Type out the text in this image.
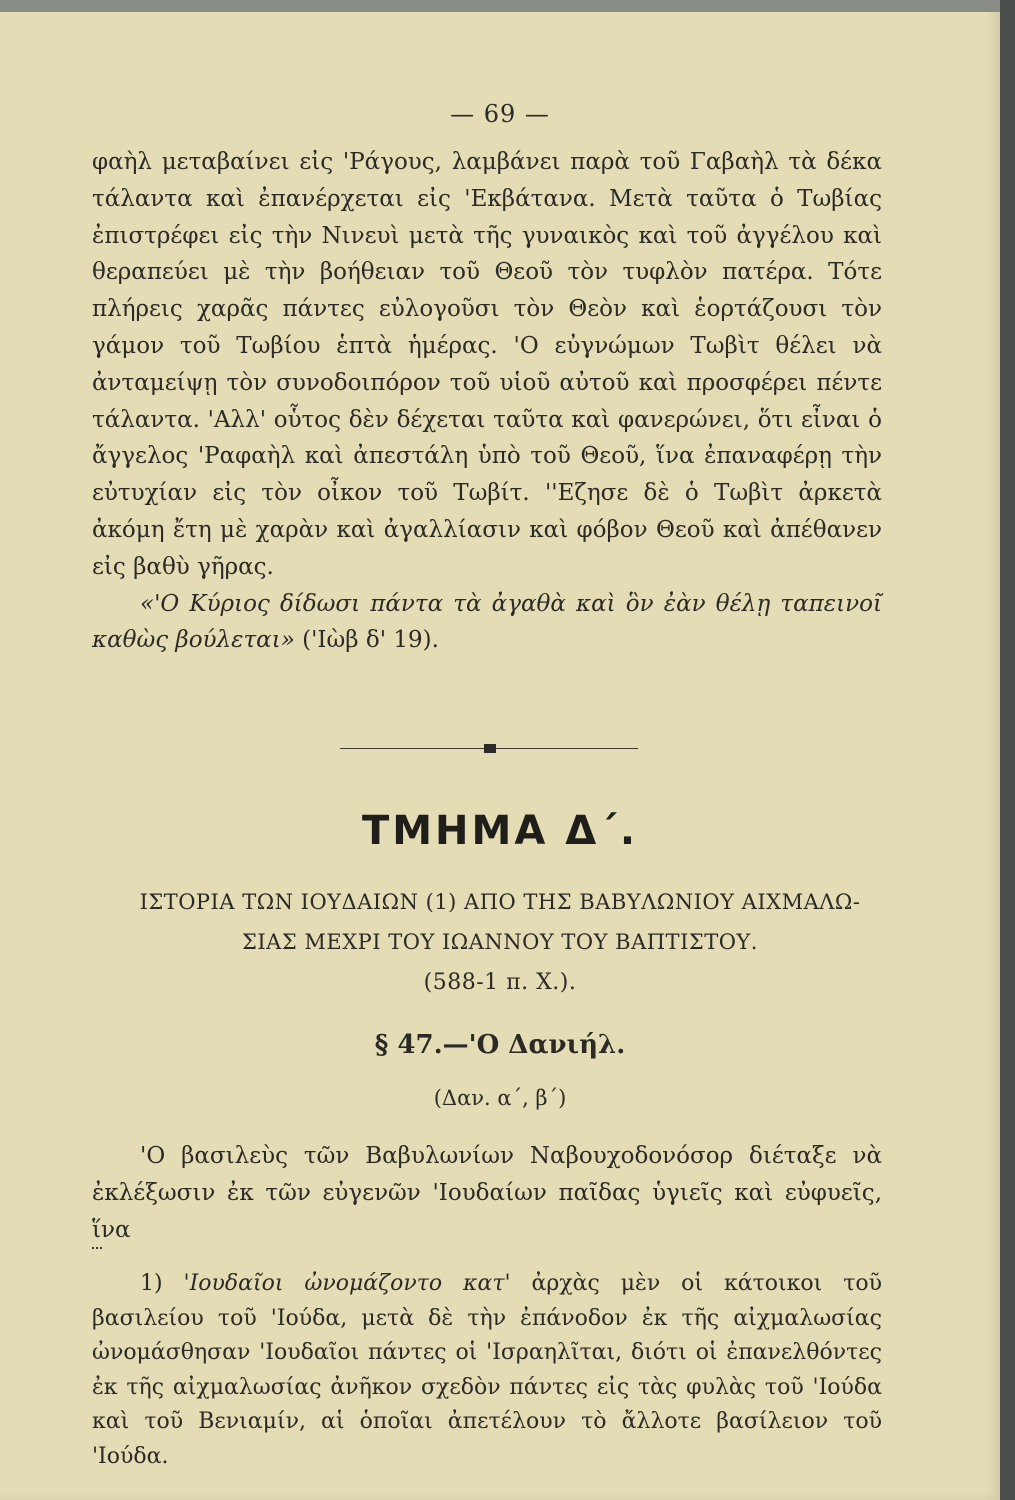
— 69 —

φαὴλ μεταβαίνει εἰς 'Ράγους, λαμβάνει παρὰ τοῦ Γαβαὴλ τὰ δέκα τάλαντα καὶ ἐπανέρχεται εἰς 'Εκβάτανα. Μετὰ ταῦτα ὁ Τωβίας ἐπιστρέφει εἰς τὴν Νινευὶ μετὰ τῆς γυναικὸς καὶ τοῦ ἀγγέλου καὶ θεραπεύει μὲ τὴν βοήθειαν τοῦ Θεοῦ τὸν τυφλὸν πατέρα. Τότε πλήρεις χαρᾶς πάντες εὐλογοῦσι τὸν Θεὸν καὶ ἑορτάζουσι τὸν γάμον τοῦ Τωβίου ἑπτὰ ἡμέρας. 'Ο εὐγνώμων Τωβὶτ θέλει νὰ ἀνταμείψῃ τὸν συνοδοιπόρον τοῦ υἱοῦ αὐτοῦ καὶ προσφέρει πέντε τάλαντα. 'Αλλ' οὗτος δὲν δέχεται ταῦτα καὶ φανερώνει, ὅτι εἶναι ὁ ἄγγελος 'Ραφαὴλ καὶ ἀπεστάλη ὑπὸ τοῦ Θεοῦ, ἵνα ἐπαναφέρῃ τὴν εὐτυχίαν εἰς τὸν οἶκον τοῦ Τωβίτ. ''Εζησε δὲ ὁ Τωβὶτ ἀρκετὰ ἀκόμη ἔτη μὲ χαρὰν καὶ ἀγαλλίασιν καὶ φόβον Θεοῦ καὶ ἀπέθανεν εἰς βαθὺ γῆρας.

«'Ο Κύριος δίδωσι πάντα τὰ ἀγαθὰ καὶ ὃν ἐὰν θέλῃ ταπεινοῖ καθὼς βούλεται» ('Ιὼβ δ' 19).

ΤΜΗΜΑ Δ΄.
ΙΣΤΟΡΙΑ ΤΩΝ ΙΟΥΔΑΙΩΝ (1) ΑΠΟ ΤΗΣ ΒΑΒΥΛΩΝΙΟΥ ΑΙΧΜΑΛΩ-
ΣΙΑΣ ΜΕΧΡΙ ΤΟΥ ΙΩΑΝΝΟΥ ΤΟΥ ΒΑΠΤΙΣΤΟΥ.
(588-1 π. Χ.).
§ 47.—'Ο Δανιήλ.
(Δαν. α΄, β΄)

'Ο βασιλεὺς τῶν Βαβυλωνίων Ναβουχοδονόσορ διέταξε νὰ ἐκλέξωσιν ἐκ τῶν εὐγενῶν 'Ιουδαίων παῖδας ὑγιεῖς καὶ εὐφυεῖς, ἵνα

1) 'Ιουδαῖοι ὠνομάζοντο κατ' ἀρχὰς μὲν οἱ κάτοικοι τοῦ βασιλείου τοῦ 'Ιούδα, μετὰ δὲ τὴν ἐπάνοδον ἐκ τῆς αἰχμαλωσίας ὠνομάσθησαν 'Ιουδαῖοι πάντες οἱ 'Ισραηλῖται, διότι οἱ ἐπανελθόντες ἐκ τῆς αἰχμαλωσίας ἀνῆκον σχεδὸν πάντες εἰς τὰς φυλὰς τοῦ 'Ιούδα καὶ τοῦ Βενιαμίν, αἱ ὁποῖαι ἀπετέλουν τὸ ἄλλοτε βασίλειον τοῦ 'Ιούδα.
